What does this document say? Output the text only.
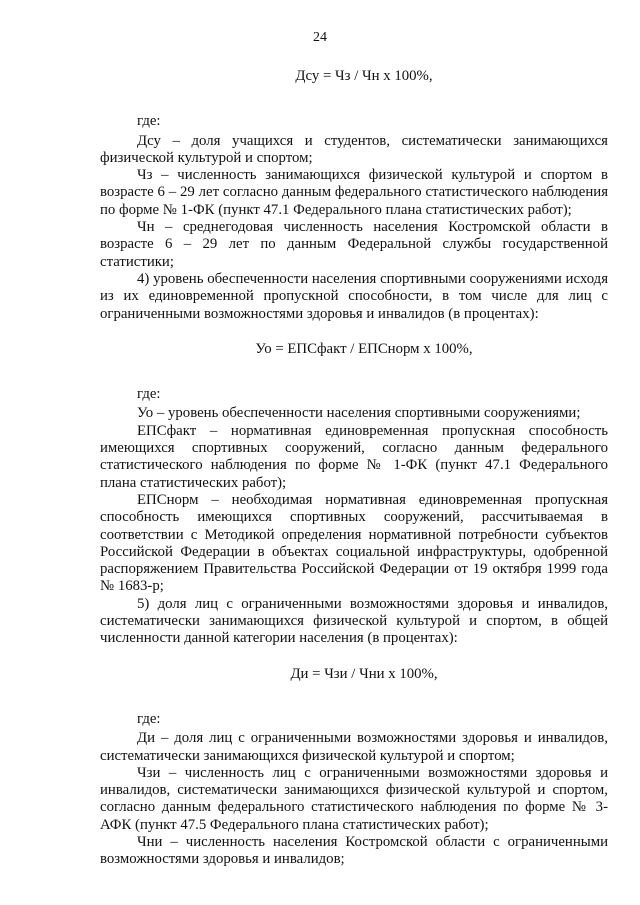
24

Дсу = Чз / Чн х 100%,

где:

Дсу – доля учащихся и студентов, систематически занимающихся физической культурой и спортом;

Чз – численность занимающихся физической культурой и спортом в возрасте 6 – 29 лет согласно данным федерального статистического наблюдения по форме № 1-ФК (пункт 47.1 Федерального плана статистических работ);

Чн – среднегодовая численность населения Костромской области в возрасте 6 – 29 лет по данным Федеральной службы государственной статистики;

4) уровень обеспеченности населения спортивными сооружениями исходя из их единовременной пропускной способности, в том числе для лиц с ограниченными возможностями здоровья и инвалидов (в процентах):

Уо = ЕПСфакт / ЕПСнорм х 100%,

где:

Уо – уровень обеспеченности населения спортивными сооружениями;

ЕПСфакт – нормативная единовременная пропускная способность имеющихся спортивных сооружений, согласно данным федерального статистического наблюдения по форме № 1-ФК (пункт 47.1 Федерального плана статистических работ);

ЕПСнорм – необходимая нормативная единовременная пропускная способность имеющихся спортивных сооружений, рассчитываемая в соответствии с Методикой определения нормативной потребности субъектов Российской Федерации в объектах социальной инфраструктуры, одобренной распоряжением Правительства Российской Федерации от 19 октября 1999 года № 1683-р;

5) доля лиц с ограниченными возможностями здоровья и инвалидов, систематически занимающихся физической культурой и спортом, в общей численности данной категории населения (в процентах):

Ди = Чзи / Чни х 100%,

где:

Ди – доля лиц с ограниченными возможностями здоровья и инвалидов, систематически занимающихся физической культурой и спортом;

Чзи – численность лиц с ограниченными возможностями здоровья и инвалидов, систематически занимающихся физической культурой и спортом, согласно данным федерального статистического наблюдения по форме № 3-АФК (пункт 47.5 Федерального плана статистических работ);

Чни – численность населения Костромской области с ограниченными возможностями здоровья и инвалидов;
